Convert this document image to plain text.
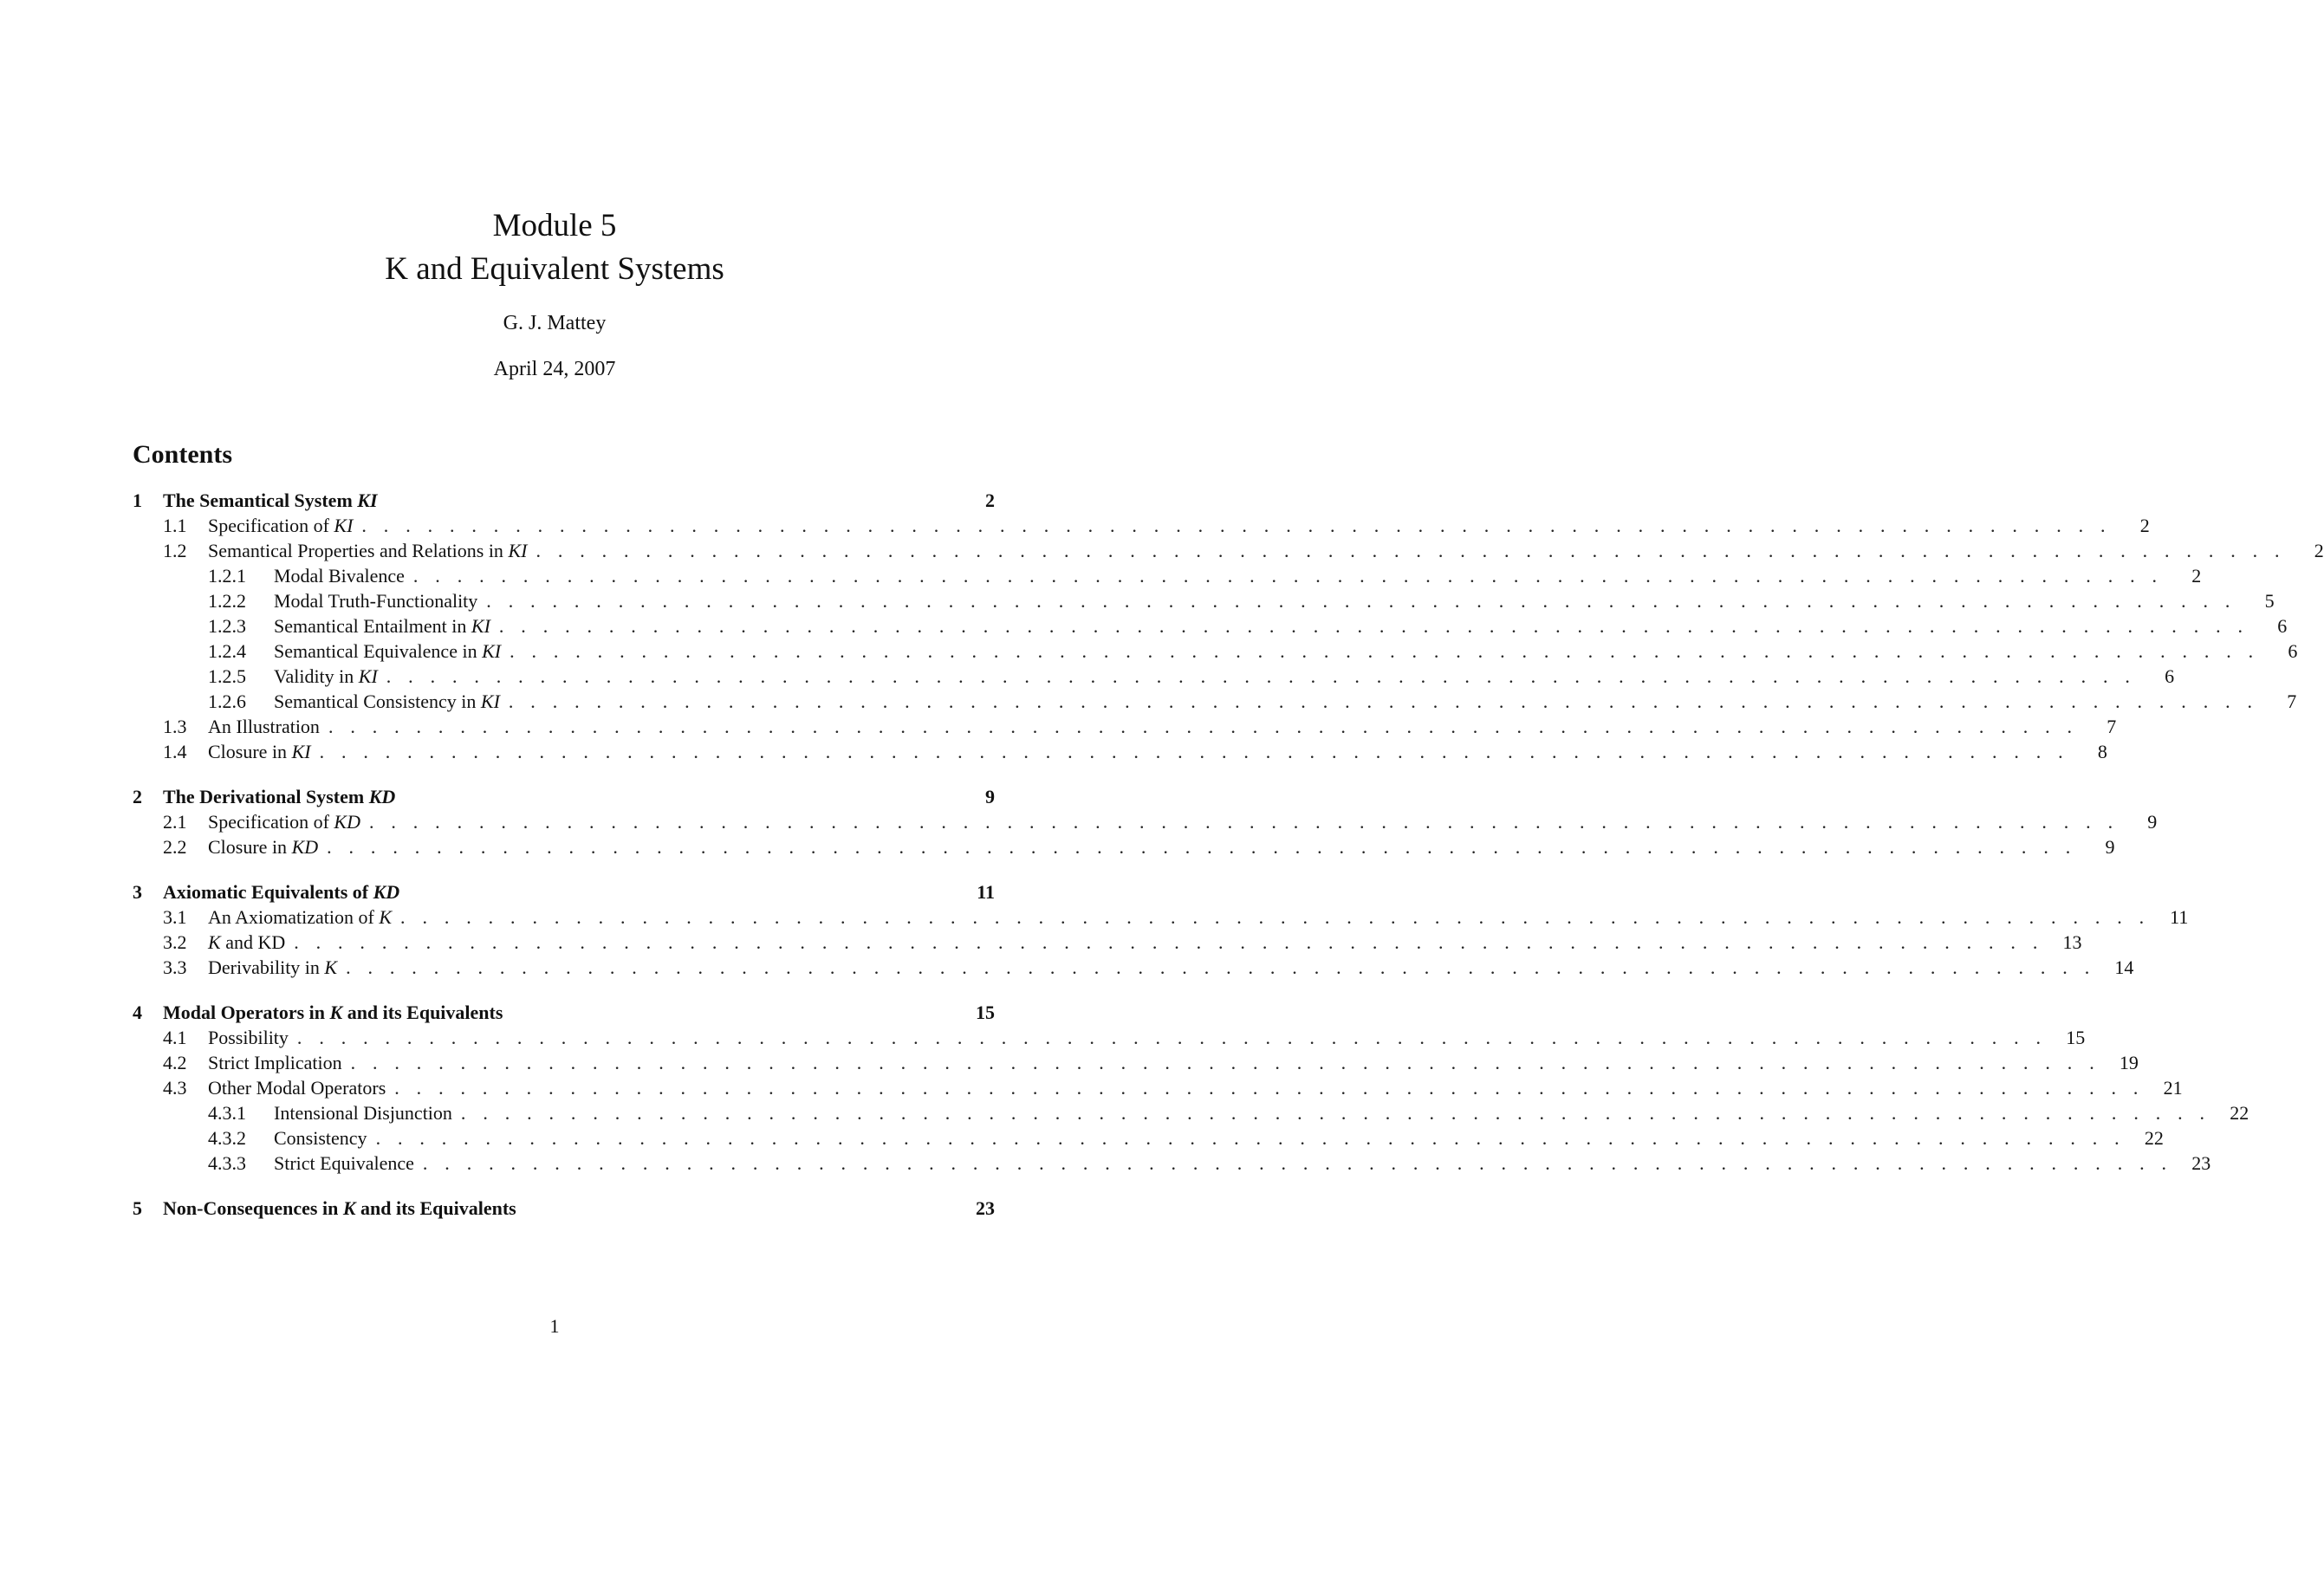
Module 5
K and Equivalent Systems
G. J. Mattey
April 24, 2007
Contents
1	The Semantical System KI	2
1.1	Specification of KI . . . . . . . . . . . . . . . . . . . . . . . . . . . . . . . . . . . . . . . . . . . . . . . . . . . . . . . . . . . . . . . . . . . . . . . . . . . . . . . .	2
1.2	Semantical Properties and Relations in KI . . . . . . . . . . . . . . . . . . . . . . . . . . . . . . . . . . . . . . . . . . . . . . . . . . . . . . . . . . . . . . . . . . . . . . . . . . . . . . . .	2
1.2.1	Modal Bivalence . . . . . . . . . . . . . . . . . . . . . . . . . . . . . . . . . . . . . . . . . . . . . . . . . . . . . . . . . . . . . . . . . . . . . . . . . . . . . . . .	2
1.2.2	Modal Truth-Functionality . . . . . . . . . . . . . . . . . . . . . . . . . . . . . . . . . . . . . . . . . . . . . . . . . . . . . . . . . . . . . . . . . . . . . . . . . . . . . . . .	5
1.2.3	Semantical Entailment in KI . . . . . . . . . . . . . . . . . . . . . . . . . . . . . . . . . . . . . . . . . . . . . . . . . . . . . . . . . . . . . . . . . . . . . . . . . . . . . . . .	6
1.2.4	Semantical Equivalence in KI . . . . . . . . . . . . . . . . . . . . . . . . . . . . . . . . . . . . . . . . . . . . . . . . . . . . . . . . . . . . . . . . . . . . . . . . . . . . . . . .	6
1.2.5	Validity in KI . . . . . . . . . . . . . . . . . . . . . . . . . . . . . . . . . . . . . . . . . . . . . . . . . . . . . . . . . . . . . . . . . . . . . . . . . . . . . . . .	6
1.2.6	Semantical Consistency in KI . . . . . . . . . . . . . . . . . . . . . . . . . . . . . . . . . . . . . . . . . . . . . . . . . . . . . . . . . . . . . . . . . . . . . . . . . . . . . . . .	7
1.3	An Illustration . . . . . . . . . . . . . . . . . . . . . . . . . . . . . . . . . . . . . . . . . . . . . . . . . . . . . . . . . . . . . . . . . . . . . . . . . . . . . . . .	7
1.4	Closure in KI . . . . . . . . . . . . . . . . . . . . . . . . . . . . . . . . . . . . . . . . . . . . . . . . . . . . . . . . . . . . . . . . . . . . . . . . . . . . . . . .	8
2	The Derivational System KD	9
2.1	Specification of KD . . . . . . . . . . . . . . . . . . . . . . . . . . . . . . . . . . . . . . . . . . . . . . . . . . . . . . . . . . . . . . . . . . . . . . . . . . . . . . . .	9
2.2	Closure in KD . . . . . . . . . . . . . . . . . . . . . . . . . . . . . . . . . . . . . . . . . . . . . . . . . . . . . . . . . . . . . . . . . . . . . . . . . . . . . . . .	9
3	Axiomatic Equivalents of KD	11
3.1	An Axiomatization of K . . . . . . . . . . . . . . . . . . . . . . . . . . . . . . . . . . . . . . . . . . . . . . . . . . . . . . . . . . . . . . . . . . . . . . . . . . . . . . . .	11
3.2	K and KD . . . . . . . . . . . . . . . . . . . . . . . . . . . . . . . . . . . . . . . . . . . . . . . . . . . . . . . . . . . . . . . . . . . . . . . . . . . . . . . .	13
3.3	Derivability in K . . . . . . . . . . . . . . . . . . . . . . . . . . . . . . . . . . . . . . . . . . . . . . . . . . . . . . . . . . . . . . . . . . . . . . . . . . . . . . . .	14
4	Modal Operators in K and its Equivalents	15
4.1	Possibility . . . . . . . . . . . . . . . . . . . . . . . . . . . . . . . . . . . . . . . . . . . . . . . . . . . . . . . . . . . . . . . . . . . . . . . . . . . . . . . .	15
4.2	Strict Implication . . . . . . . . . . . . . . . . . . . . . . . . . . . . . . . . . . . . . . . . . . . . . . . . . . . . . . . . . . . . . . . . . . . . . . . . . . . . . . . .	19
4.3	Other Modal Operators . . . . . . . . . . . . . . . . . . . . . . . . . . . . . . . . . . . . . . . . . . . . . . . . . . . . . . . . . . . . . . . . . . . . . . . . . . . . . . . .	21
4.3.1	Intensional Disjunction . . . . . . . . . . . . . . . . . . . . . . . . . . . . . . . . . . . . . . . . . . . . . . . . . . . . . . . . . . . . . . . . . . . . . . . . . . . . . . . .	22
4.3.2	Consistency . . . . . . . . . . . . . . . . . . . . . . . . . . . . . . . . . . . . . . . . . . . . . . . . . . . . . . . . . . . . . . . . . . . . . . . . . . . . . . . .	22
4.3.3	Strict Equivalence . . . . . . . . . . . . . . . . . . . . . . . . . . . . . . . . . . . . . . . . . . . . . . . . . . . . . . . . . . . . . . . . . . . . . . . . . . . . . . . .	23
5	Non-Consequences in K and its Equivalents	23
1
